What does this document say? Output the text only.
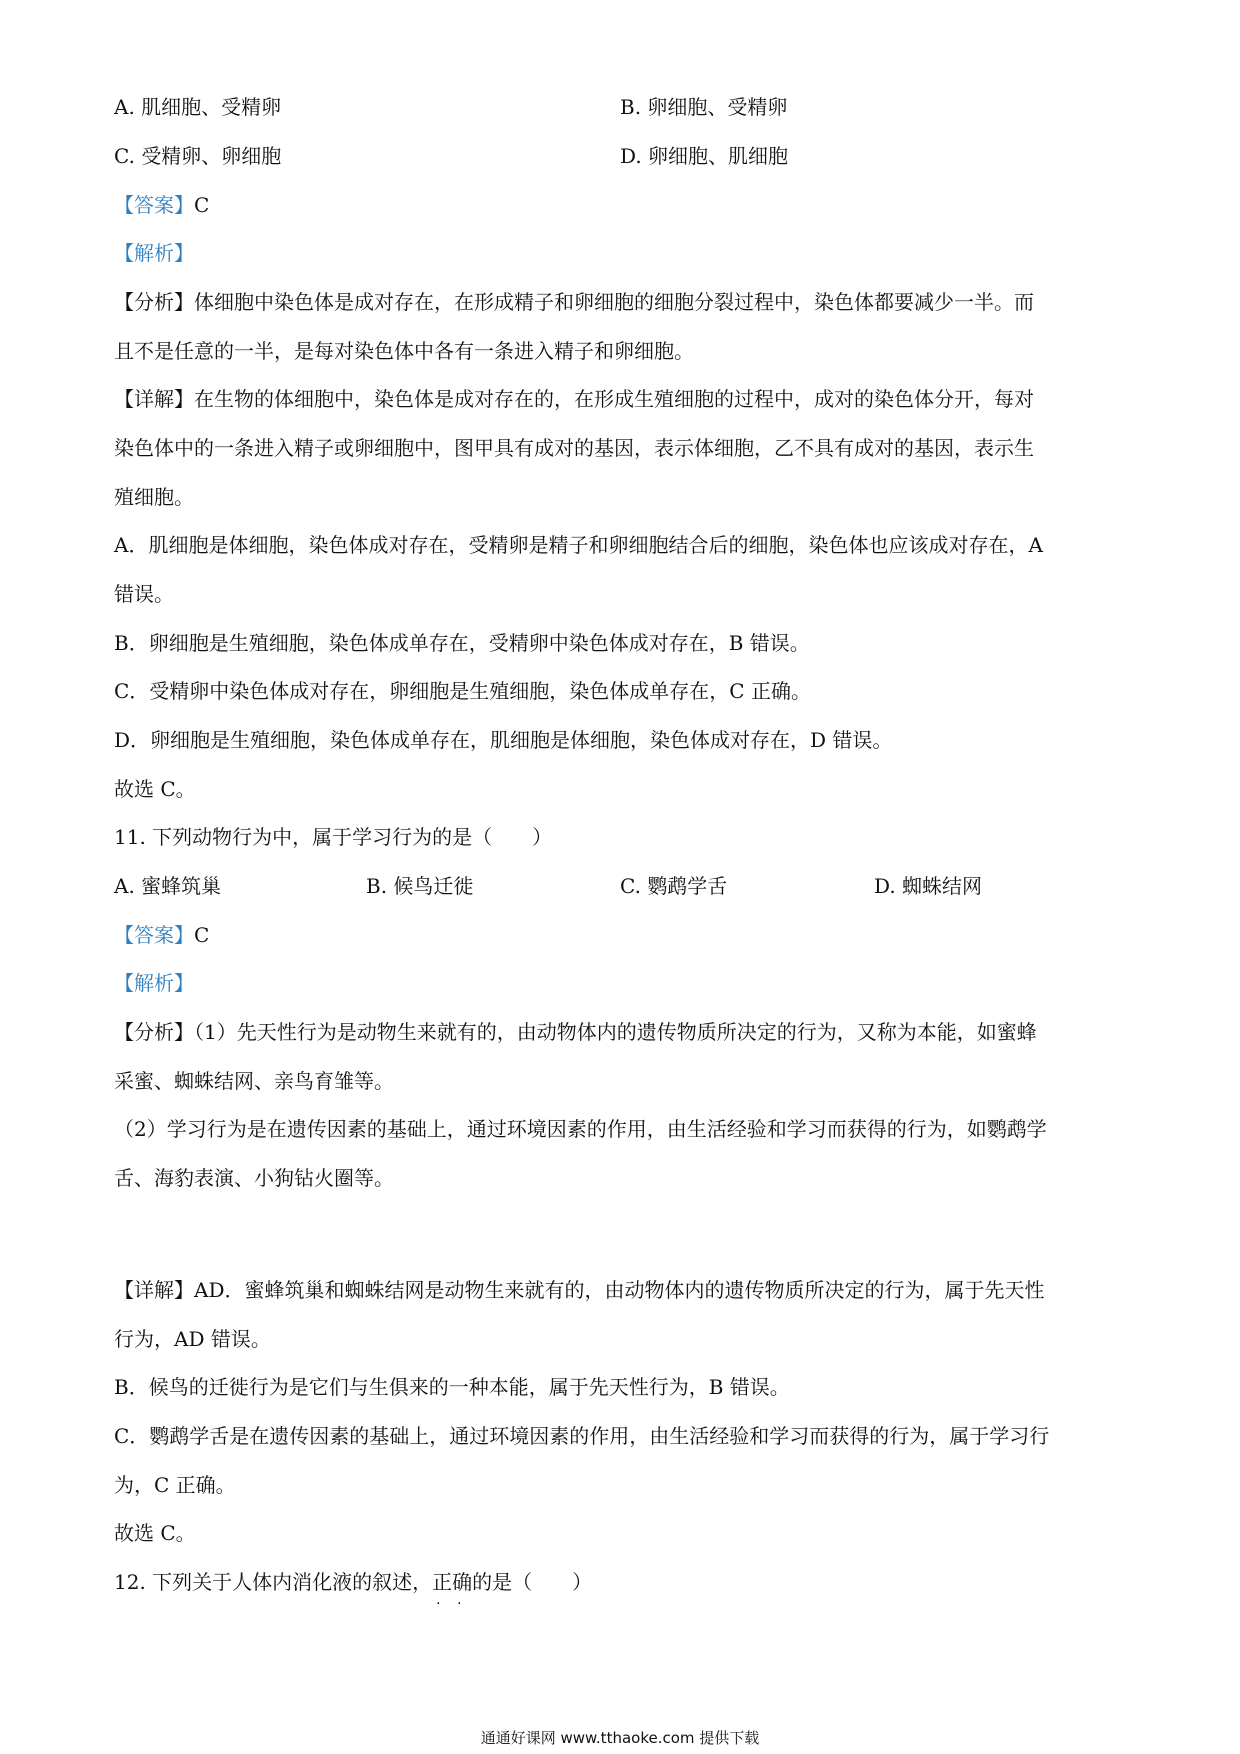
A. 肌细胞、受精卵	B. 卵细胞、受精卵
C. 受精卵、卵细胞	D. 卵细胞、肌细胞
【答案】C
【解析】
【分析】体细胞中染色体是成对存在，在形成精子和卵细胞的细胞分裂过程中，染色体都要减少一半。而
且不是任意的一半，是每对染色体中各有一条进入精子和卵细胞。
【详解】在生物的体细胞中，染色体是成对存在的，在形成生殖细胞的过程中，成对的染色体分开，每对
染色体中的一条进入精子或卵细胞中，图甲具有成对的基因，表示体细胞，乙不具有成对的基因，表示生
殖细胞。
A．肌细胞是体细胞，染色体成对存在，受精卵是精子和卵细胞结合后的细胞，染色体也应该成对存在，A
错误。
B．卵细胞是生殖细胞，染色体成单存在，受精卵中染色体成对存在，B 错误。
C．受精卵中染色体成对存在，卵细胞是生殖细胞，染色体成单存在，C 正确。
D．卵细胞是生殖细胞，染色体成单存在，肌细胞是体细胞，染色体成对存在，D 错误。
故选 C。
11. 下列动物行为中，属于学习行为的是（　　）
A. 蜜蜂筑巢	B. 候鸟迁徙	C. 鹦鹉学舌	D. 蜘蛛结网
【答案】C
【解析】
【分析】（1）先天性行为是动物生来就有的，由动物体内的遗传物质所决定的行为，又称为本能，如蜜蜂
采蜜、蜘蛛结网、亲鸟育雏等。
（2）学习行为是在遗传因素的基础上，通过环境因素的作用，由生活经验和学习而获得的行为，如鹦鹉学
舌、海豹表演、小狗钻火圈等。
【详解】AD．蜜蜂筑巢和蜘蛛结网是动物生来就有的，由动物体内的遗传物质所决定的行为，属于先天性
行为，AD 错误。
B．候鸟的迁徙行为是它们与生俱来的一种本能，属于先天性行为，B 错误。
C．鹦鹉学舌是在遗传因素的基础上，通过环境因素的作用，由生活经验和学习而获得的行为，属于学习行
为，C 正确。
故选 C。
12. 下列关于人体内消化液的叙述，正确 · ·的是（　　）
通通好课网 www.tthaoke.com 提供下载
